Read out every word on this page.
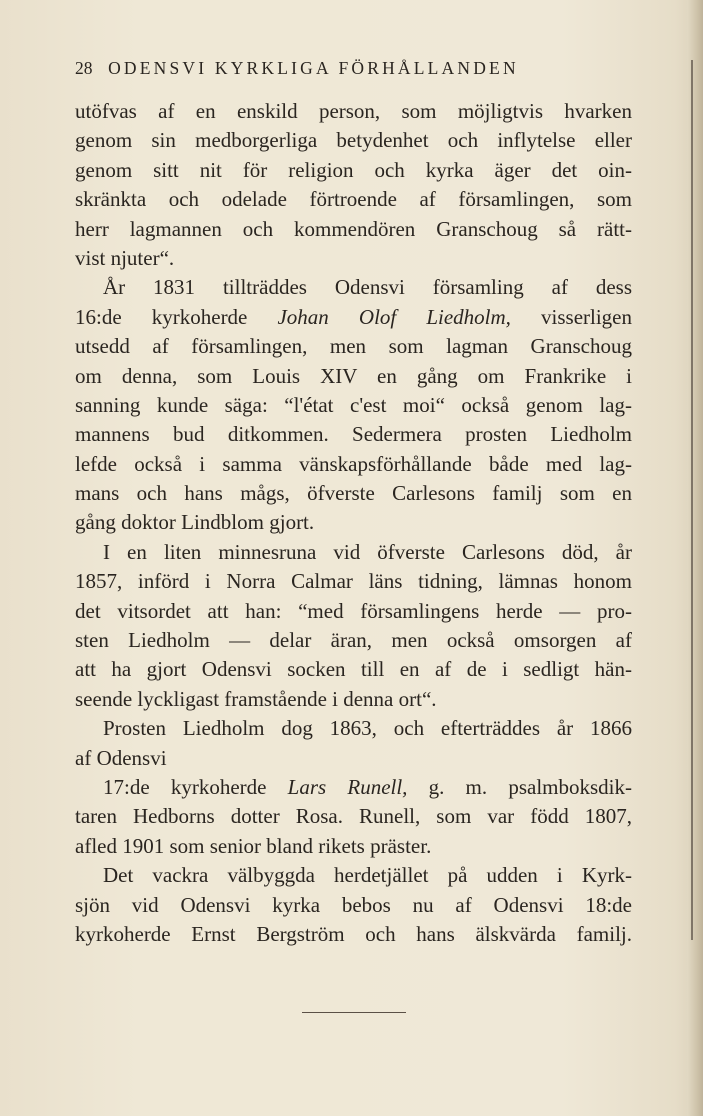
28 ODENSVI KYRKLIGA FÖRHÅLLANDEN
utöfvas af en enskild person, som möjligtvis hvarken
genom sin medborgerliga betydenhet och inflytelse eller
genom sitt nit för religion och kyrka äger det oin-
skränkta och odelade förtroende af församlingen, som
herr lagmannen och kommendören Granschoug så rätt-
vist njuter“.
År 1831 tillträddes Odensvi församling af dess
16:de kyrkoherde Johan Olof Liedholm, visserligen
utsedd af församlingen, men som lagman Granschoug
om denna, som Louis XIV en gång om Frankrike i
sanning kunde säga: “l'état c'est moi“ också genom lag-
mannens bud ditkommen. Sedermera prosten Liedholm
lefde också i samma vänskapsförhållande både med lag-
mans och hans mågs, öfverste Carlesons familj som en
gång doktor Lindblom gjort.
I en liten minnesruna vid öfverste Carlesons död, år
1857, införd i Norra Calmar läns tidning, lämnas honom
det vitsordet att han: “med församlingens herde — pro-
sten Liedholm — delar äran, men också omsorgen af
att ha gjort Odensvi socken till en af de i sedligt hän-
seende lyckligast framstående i denna ort“.
Prosten Liedholm dog 1863, och efterträddes år 1866
af Odensvi
17:de kyrkoherde Lars Runell, g. m. psalmboksdik-
taren Hedborns dotter Rosa. Runell, som var född 1807,
afled 1901 som senior bland rikets präster.
Det vackra välbyggda herdetjället på udden i Kyrk-
sjön vid Odensvi kyrka bebos nu af Odensvi 18:de
kyrkoherde Ernst Bergström och hans älskvärda familj.
